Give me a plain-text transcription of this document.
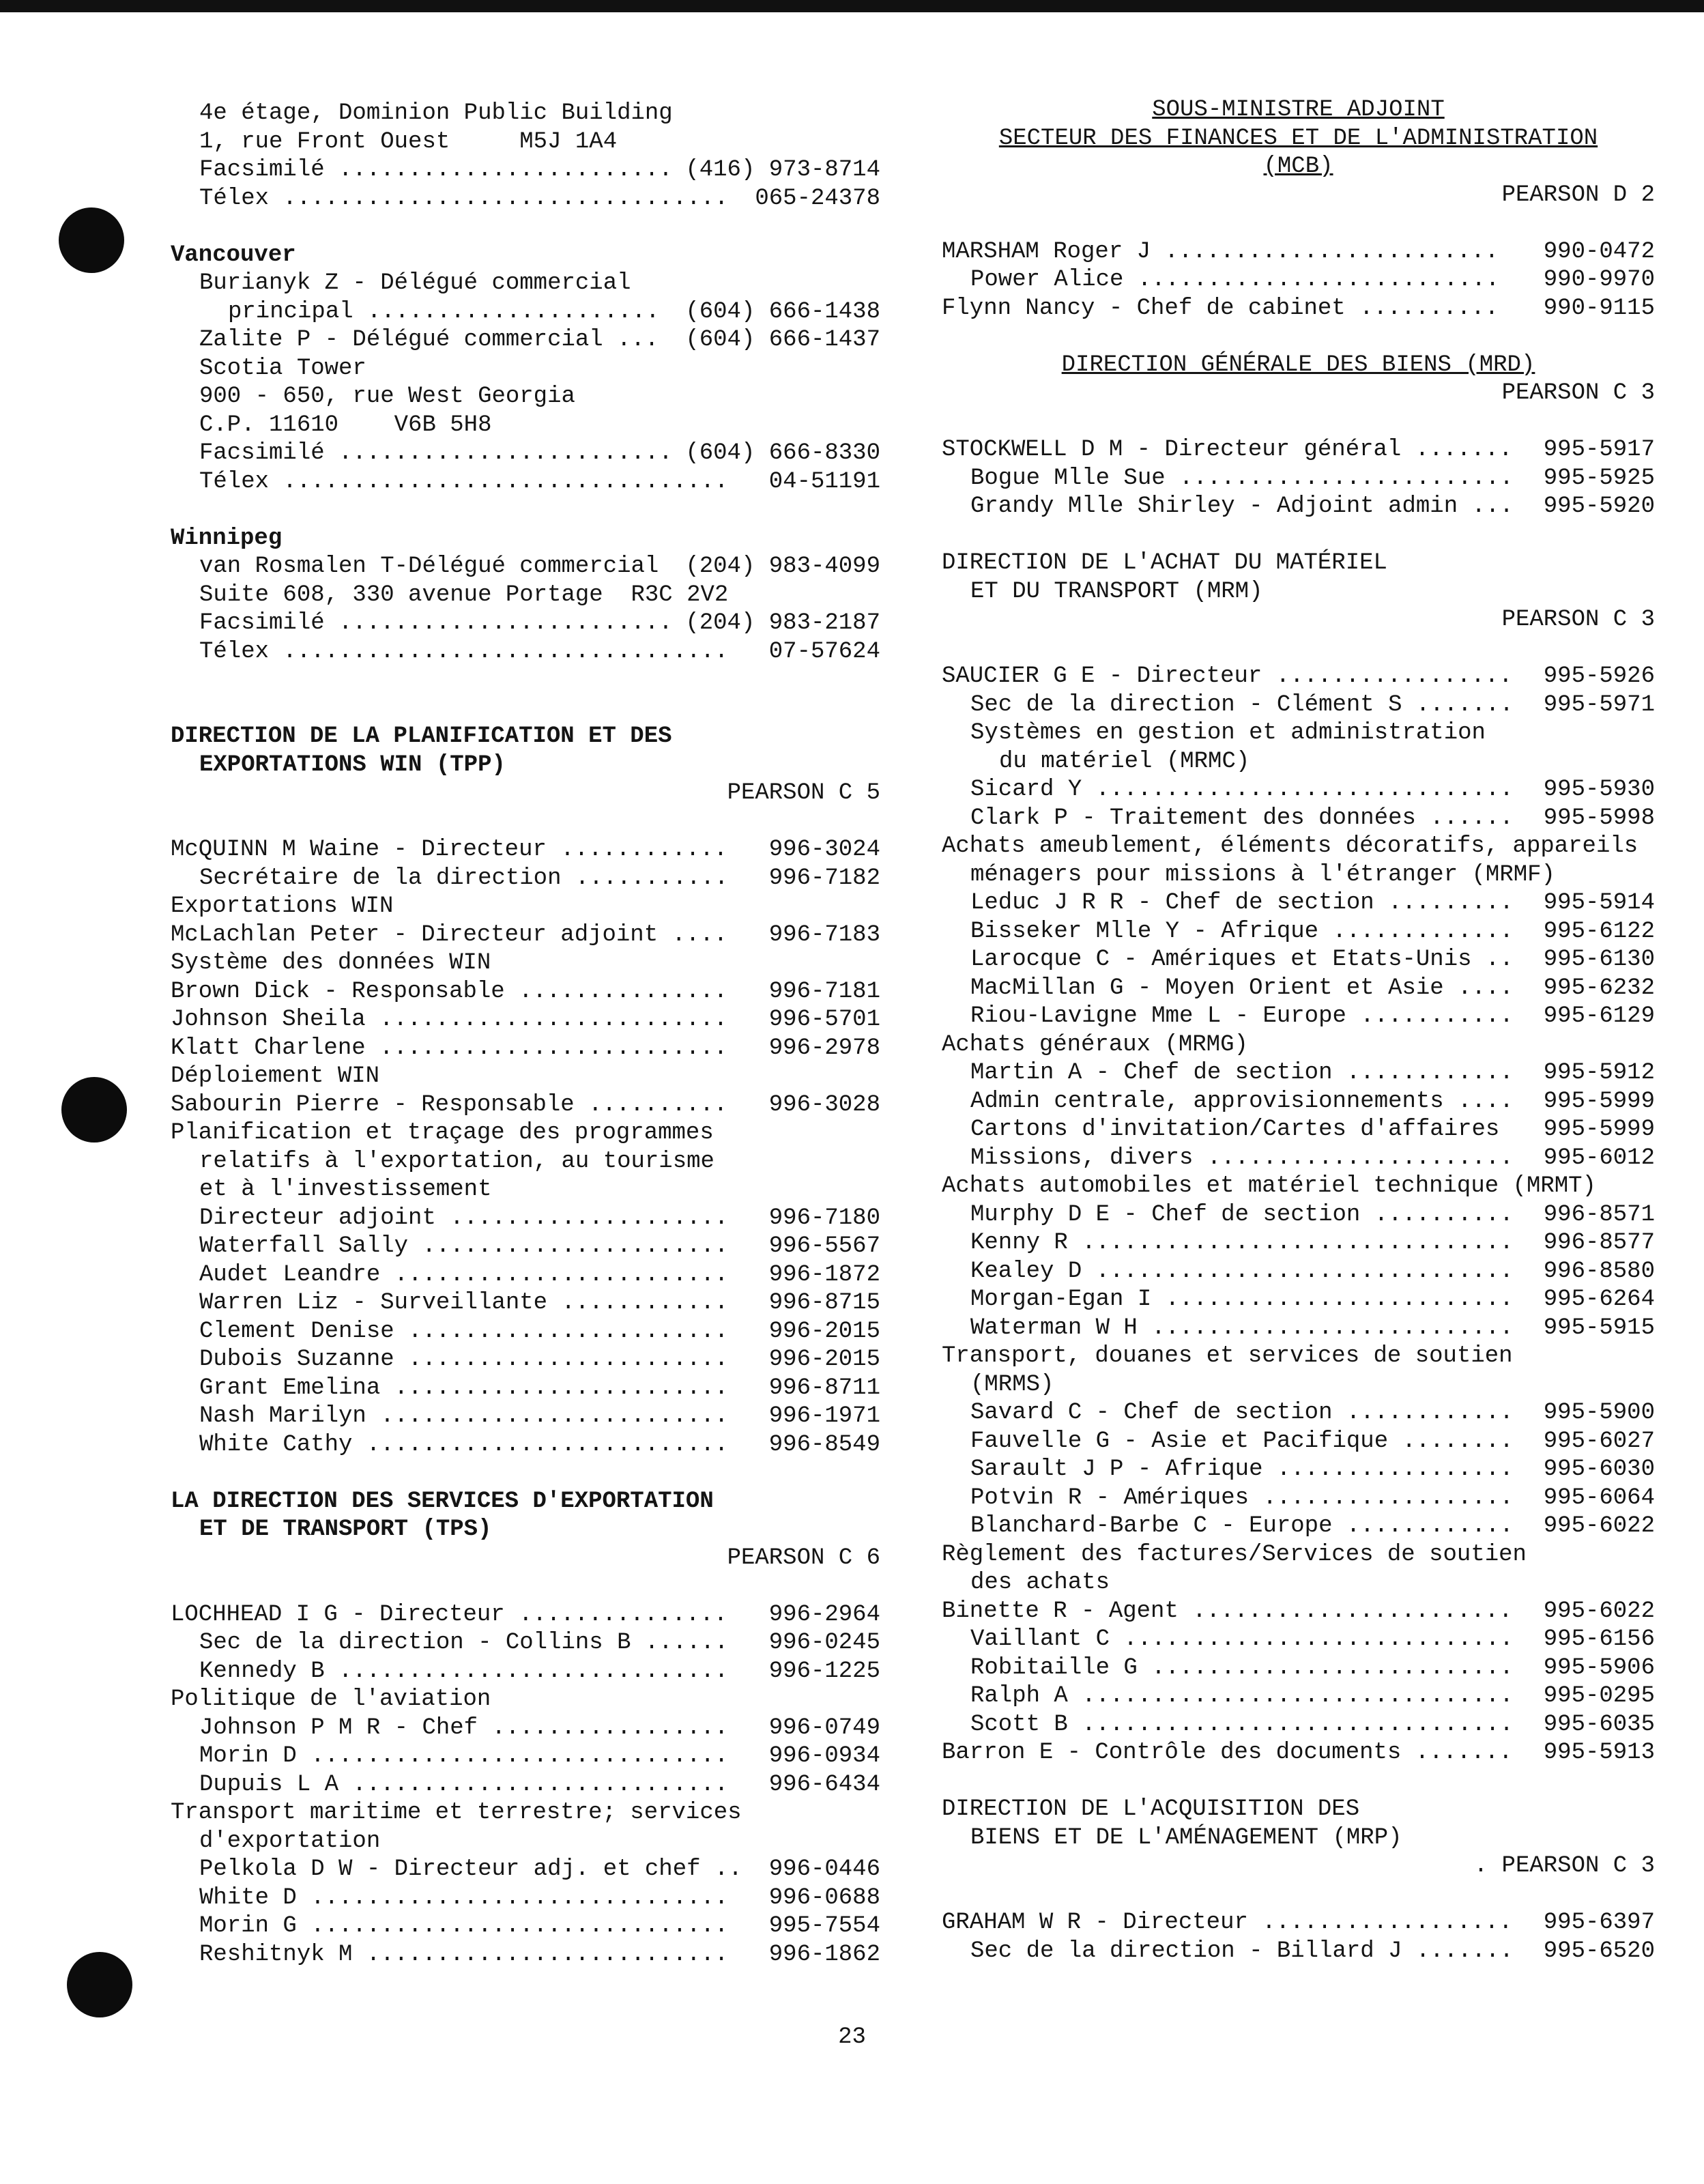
4e étage, Dominion Public Building
1, rue Front Ouest     M5J 1A4
Facsimilé ........................ (416) 973-8714
Télex ................................ 065-24378
Vancouver
Burianyk Z - Délégué commercial
principal ..................... (604) 666-1438
Zalite P - Délégué commercial ... (604) 666-1437
Scotia Tower
900 - 650, rue West Georgia
C.P. 11610    V6B 5H8
Facsimilé ........................ (604) 666-8330
Télex ................................ 04-51191
Winnipeg
van Rosmalen T-Délégué commercial (204) 983-4099
Suite 608, 330 avenue Portage  R3C 2V2
Facsimilé ........................ (204) 983-2187
Télex ................................ 07-57624
DIRECTION DE LA PLANIFICATION ET DES
EXPORTATIONS WIN (TPP)
PEARSON C 5
McQUINN M Waine - Directeur ............ 996-3024
Secrétaire de la direction ........... 996-7182
Exportations WIN
McLachlan Peter - Directeur adjoint .... 996-7183
Système des données WIN
Brown Dick - Responsable ............... 996-7181
Johnson Sheila ......................... 996-5701
Klatt Charlene ......................... 996-2978
Déploiement WIN
Sabourin Pierre - Responsable .......... 996-3028
Planification et traçage des programmes
relatifs à l'exportation, au tourisme
et à l'investissement
Directeur adjoint .................... 996-7180
Waterfall Sally ...................... 996-5567
Audet Leandre ........................ 996-1872
Warren Liz - Surveillante ............ 996-8715
Clement Denise ....................... 996-2015
Dubois Suzanne ....................... 996-2015
Grant Emelina ........................ 996-8711
Nash Marilyn ......................... 996-1971
White Cathy .......................... 996-8549
LA DIRECTION DES SERVICES D'EXPORTATION
ET DE TRANSPORT (TPS)
PEARSON C 6
LOCHHEAD I G - Directeur ............... 996-2964
Sec de la direction - Collins B ...... 996-0245
Kennedy B ............................ 996-1225
Politique de l'aviation
Johnson P M R - Chef ................. 996-0749
Morin D .............................. 996-0934
Dupuis L A ........................... 996-6434
Transport maritime et terrestre; services
d'exportation
Pelkola D W - Directeur adj. et chef .. 996-0446
White D .............................. 996-0688
Morin G .............................. 995-7554
Reshitnyk M .......................... 996-1862
SOUS-MINISTRE ADJOINT
SECTEUR DES FINANCES ET DE L'ADMINISTRATION
(MCB)
PEARSON D 2
MARSHAM Roger J ........................ 990-0472
Power Alice .......................... 990-9970
Flynn Nancy - Chef de cabinet .......... 990-9115
DIRECTION GÉNÉRALE DES BIENS (MRD)
PEARSON C 3
STOCKWELL D M - Directeur général ....... 995-5917
Bogue Mlle Sue ........................ 995-5925
Grandy Mlle Shirley - Adjoint admin ... 995-5920
DIRECTION DE L'ACHAT DU MATÉRIEL
ET DU TRANSPORT (MRM)
PEARSON C 3
SAUCIER G E - Directeur ................. 995-5926
Sec de la direction - Clément S ....... 995-5971
Systèmes en gestion et administration
du matériel (MRMC)
Sicard Y .............................. 995-5930
Clark P - Traitement des données ...... 995-5998
Achats ameublement, éléments décoratifs, appareils
ménagers pour missions à l'étranger (MRMF)
Leduc J R R - Chef de section ......... 995-5914
Bisseker Mlle Y - Afrique ............. 995-6122
Larocque C - Amériques et Etats-Unis .. 995-6130
MacMillan G - Moyen Orient et Asie .... 995-6232
Riou-Lavigne Mme L - Europe ........... 995-6129
Achats généraux (MRMG)
Martin A - Chef de section ............ 995-5912
Admin centrale, approvisionnements .... 995-5999
Cartons d'invitation/Cartes d'affaires 995-5999
Missions, divers ...................... 995-6012
Achats automobiles et matériel technique (MRMT)
Murphy D E - Chef de section .......... 996-8571
Kenny R ............................... 996-8577
Kealey D .............................. 996-8580
Morgan-Egan I ......................... 995-6264
Waterman W H .......................... 995-5915
Transport, douanes et services de soutien
(MRMS)
Savard C - Chef de section ............ 995-5900
Fauvelle G - Asie et Pacifique ........ 995-6027
Sarault J P - Afrique ................. 995-6030
Potvin R - Amériques .................. 995-6064
Blanchard-Barbe C - Europe ............ 995-6022
Règlement des factures/Services de soutien
des achats
Binette R - Agent ....................... 995-6022
Vaillant C ............................ 995-6156
Robitaille G .......................... 995-5906
Ralph A ............................... 995-0295
Scott B ............................... 995-6035
Barron E - Contrôle des documents ....... 995-5913
DIRECTION DE L'ACQUISITION DES
BIENS ET DE L'AMÉNAGEMENT (MRP)
. PEARSON C 3
GRAHAM W R - Directeur .................. 995-6397
Sec de la direction - Billard J ....... 995-6520
23
